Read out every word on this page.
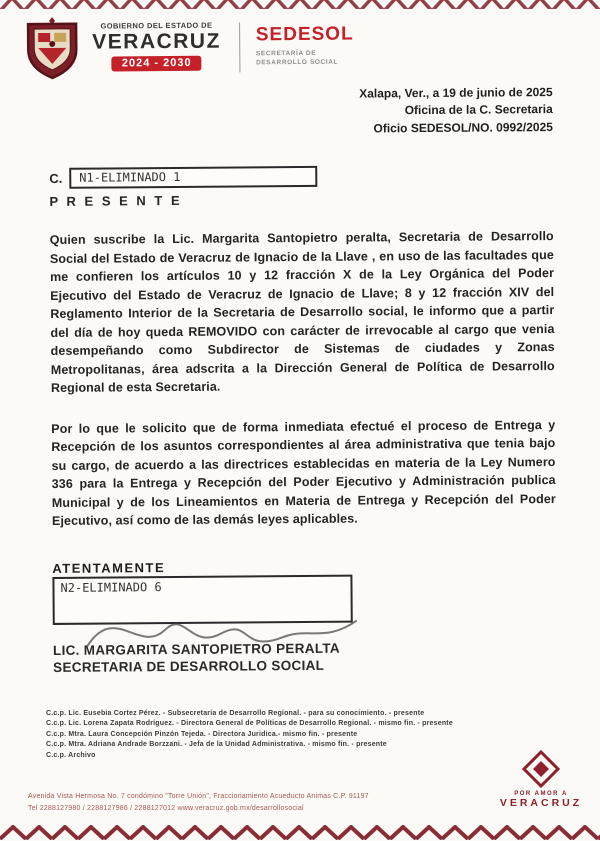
GOBIERNO DEL ESTADO DE
VERACRUZ
2024 - 2030
SEDESOL
SECRETARÍA DE DESARROLLO SOCIAL
Xalapa, Ver., a 19 de junio de 2025
Oficina de la C. Secretaria
Oficio SEDESOL/NO. 0992/2025
C.	N1-ELIMINADO 1
P R E S E N T E

Quien suscribe la Lic. Margarita Santopietro peralta, Secretaria de Desarrollo Social del Estado de Veracruz de Ignacio de la Llave , en uso de las facultades que me confieren los artículos 10 y 12 fracción X de la Ley Orgánica del Poder Ejecutivo del Estado de Veracruz de Ignacio de Llave; 8 y 12 fracción XIV del Reglamento Interior de la Secretaria de Desarrollo social, le informo que a partir del día de hoy queda REMOVIDO con carácter de irrevocable al cargo que venia desempeñando como Subdirector de Sistemas de ciudades y Zonas Metropolitanas, área adscrita a la Dirección General de Política de Desarrollo Regional de esta Secretaria.

Por lo que le solicito que de forma inmediata efectué el proceso de Entrega y Recepción de los asuntos correspondientes al área administrativa que tenia bajo su cargo, de acuerdo a las directrices establecidas en materia de la Ley Numero 336 para la Entrega y Recepción del Poder Ejecutivo y Administración publica Municipal y de los Lineamientos en Materia de Entrega y Recepción del Poder Ejecutivo, así como de las demás leyes aplicables.

ATENTAMENTE
N2-ELIMINADO 6
LIC. MARGARITA SANTOPIETRO PERALTA
SECRETARIA DE DESARROLLO SOCIAL
C.c.p. Lic. Eusebia Cortez Pérez. - Subsecretaria de Desarrollo Regional. - para su conocimiento. - presente
C.c.p. Lic. Lorena Zapata Rodríguez. - Directora General de Políticas de Desarrollo Regional. - mismo fin. - presente
C.c.p. Mtra. Laura Concepción Pinzón Tejeda. - Directora Juridica.- mismo fin. - presente
C.c.p. Mtra. Adriana Andrade Borzzani. - Jefa de la Unidad Administrativa. - mismo fin. - presente
C.c.p. Archivo
Avenida Vista Hermosa No. 7 condómino "Torre Unión", Fraccionamiento Acueducto Animas C.P. 91197
Tel 2288127980 / 2288127986 / 2288127012 www.veracruz.gob.mx/desarrollosocial
POR AMOR A
VERACRUZ
